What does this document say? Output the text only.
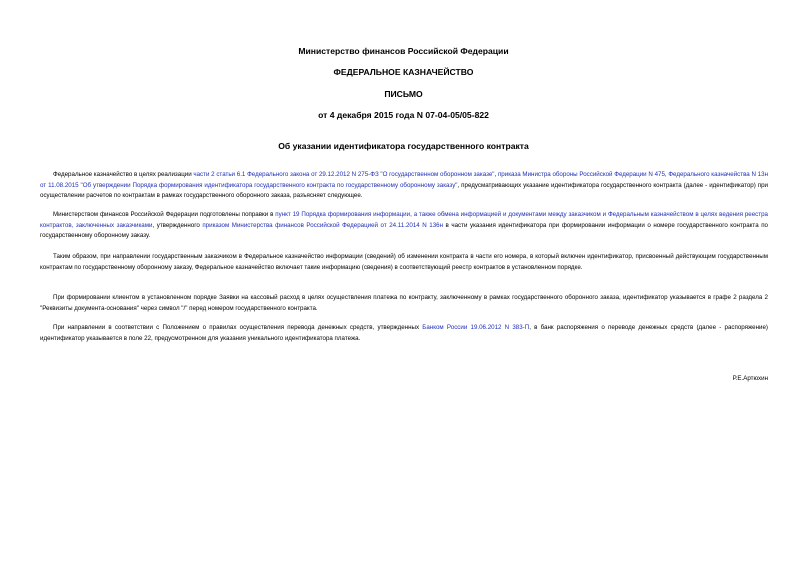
Министерство финансов Российской Федерации
ФЕДЕРАЛЬНОЕ КАЗНАЧЕЙСТВО
ПИСЬМО
от 4 декабря 2015 года N 07-04-05/05-822
Об указании идентификатора государственного контракта

Федеральное казначейство в целях реализации части 2 статьи 6.1 Федерального закона от 29.12.2012 N 275-ФЗ "О государственном оборонном заказе", приказа Министра обороны Российской Федерации N 475, Федерального казначейства N 13н от 11.08.2015 "Об утверждении Порядка формирования идентификатора государственного контракта по государственному оборонному заказу", предусматривающих указание идентификатора государственного контракта (далее - идентификатор) при осуществлении расчетов по контрактам в рамках государственного оборонного заказа, разъясняет следующее.

Министерством финансов Российской Федерации подготовлены поправки в пункт 19 Порядка формирования информации, а также обмена информацией и документами между заказчиком и Федеральным казначейством в целях ведения реестра контрактов, заключенных заказчиками, утвержденного приказом Министерства финансов Российской Федерацией от 24.11.2014 N 136н в части указания идентификатора при формировании информации о номере государственного контракта по государственному оборонному заказу.

Таким образом, при направлении государственным заказчиком в Федеральное казначейство информации (сведений) об изменении контракта в части его номера, в который включен идентификатор, присвоенный действующим государственным контрактам по государственному оборонному заказу, Федеральное казначейство включает такие информацию (сведения) в соответствующий реестр контрактов в установленном порядке.

При формировании клиентом в установленном порядке Заявки на кассовый расход в целях осуществления платежа по контракту, заключенному в рамках государственного оборонного заказа, идентификатор указывается в графе 2 раздела 2 "Реквизиты документа-основания" через символ "/" перед номером государственного контракта.

При направлении в соответствии с Положением о правилах осуществления перевода денежных средств, утвержденных Банком России 19.06.2012 N 383-П, в банк распоряжения о переводе денежных средств (далее - распоряжение) идентификатор указывается в поле 22, предусмотренном для указания уникального идентификатора платежа.

Р.Е.Артюхин
